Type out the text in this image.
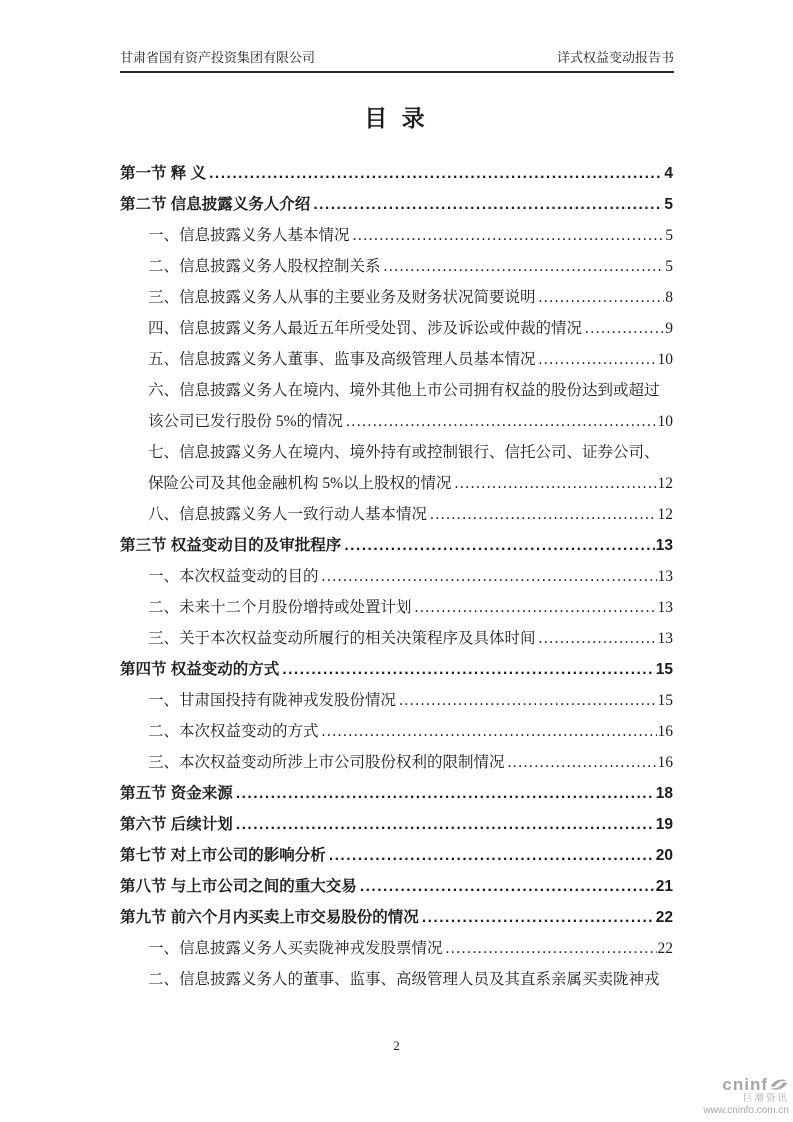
甘肃省国有资产投资集团有限公司	详式权益变动报告书
目 录
第一节 释 义 .....	4
第二节 信息披露义务人介绍 .....	5
一、信息披露义务人基本情况 .....	5
二、信息披露义务人股权控制关系 .....	5
三、信息披露义务人从事的主要业务及财务状况简要说明 .....	8
四、信息披露义务人最近五年所受处罚、涉及诉讼或仲裁的情况 .....	9
五、信息披露义务人董事、监事及高级管理人员基本情况 .....	10
六、信息披露义务人在境内、境外其他上市公司拥有权益的股份达到或超过
该公司已发行股份 5%的情况 .....	10
七、信息披露义务人在境内、境外持有或控制银行、信托公司、证券公司、
保险公司及其他金融机构 5%以上股权的情况 .....	12
八、信息披露义务人一致行动人基本情况 .....	12
第三节 权益变动目的及审批程序 .....	13
一、本次权益变动的目的 .....	13
二、未来十二个月股份增持或处置计划 .....	13
三、关于本次权益变动所履行的相关决策程序及具体时间 .....	13
第四节 权益变动的方式 .....	15
一、甘肃国投持有陇神戎发股份情况 .....	15
二、本次权益变动的方式 .....	16
三、本次权益变动所涉上市公司股份权利的限制情况 .....	16
第五节 资金来源 .....	18
第六节 后续计划 .....	19
第七节 对上市公司的影响分析 .....	20
第八节 与上市公司之间的重大交易 .....	21
第九节 前六个月内买卖上市交易股份的情况 .....	22
一、信息披露义务人买卖陇神戎发股票情况 .....	22
二、信息披露义务人的董事、监事、高级管理人员及其直系亲属买卖陇神戎
2
cninf
巨潮资讯
www.cninfo.com.cn
